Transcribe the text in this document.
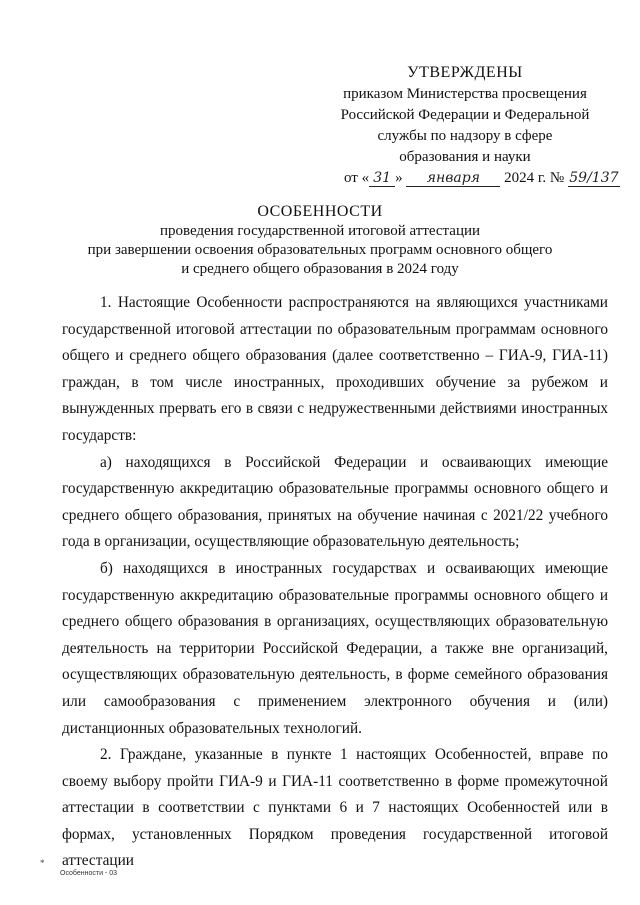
УТВЕРЖДЕНЫ
приказом Министерства просвещения
Российской Федерации и Федеральной
службы по надзору в сфере
образования и науки
от « 31 » января 2024 г. № 59/137
ОСОБЕННОСТИ
проведения государственной итоговой аттестации
при завершении освоения образовательных программ основного общего
и среднего общего образования в 2024 году

1. Настоящие Особенности распространяются на являющихся участниками государственной итоговой аттестации по образовательным программам основного общего и среднего общего образования (далее соответственно – ГИА-9, ГИА-11) граждан, в том числе иностранных, проходивших обучение за рубежом и вынужденных прервать его в связи с недружественными действиями иностранных государств:

а) находящихся в Российской Федерации и осваивающих имеющие государственную аккредитацию образовательные программы основного общего и среднего общего образования, принятых на обучение начиная с 2021/22 учебного года в организации, осуществляющие образовательную деятельность;

б) находящихся в иностранных государствах и осваивающих имеющие государственную аккредитацию образовательные программы основного общего и среднего общего образования в организациях, осуществляющих образовательную деятельность на территории Российской Федерации, а также вне организаций, осуществляющих образовательную деятельность, в форме семейного образования или самообразования с применением электронного обучения и (или) дистанционных образовательных технологий.

2. Граждане, указанные в пункте 1 настоящих Особенностей, вправе по своему выбору пройти ГИА-9 и ГИА-11 соответственно в форме промежуточной аттестации в соответствии с пунктами 6 и 7 настоящих Особенностей или в формах, установленных Порядком проведения государственной итоговой аттестации

*
Особенности - 03
